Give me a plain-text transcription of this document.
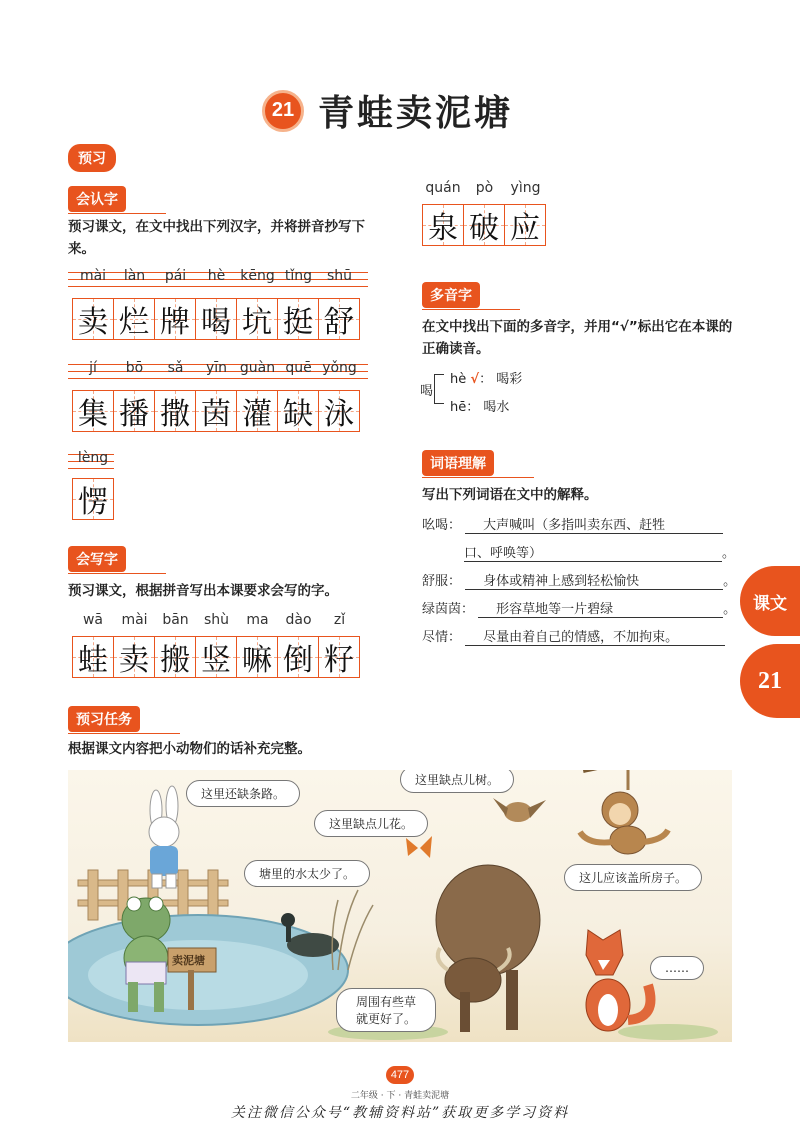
21 青蛙卖泥塘
预习
会认字
预习课文，在文中找出下列汉字，并将拼音抄写下来。
mài	làn	pái	hè	kēng tǐng	shū
卖 烂 牌 喝 坑 挺 舒
jí	bō	sǎ	yīn guàn quē yǒng
集 播 撒 茵 灌 缺 泳
lèng
愣
quán	pò	yìng
泉 破 应
会写字
预习课文，根据拼音写出本课要求会写的字。
wā	mài	bān	shù	ma	dào	zǐ
蛙 卖 搬 竖 嘛 倒 籽
多音字
在文中找出下面的多音字，并用“√”标出它在本课的正确读音。
喝
hè √： 喝彩
hē： 喝水
词语理解
写出下列词语在文中的解释。
吆喝： 大声喊叫（多指叫卖东西、赶牲
口、呼唤等）	。
舒服： 身体或精神上感到轻松愉快	。
绿茵茵： 形容草地等一片碧绿	。
尽情： 尽量由着自己的情感，不加拘束。
课文
21
预习任务
根据课文内容把小动物们的话补充完整。
这里还缺条路。
这里缺点儿树。
这里缺点儿花。
塘里的水太少了。	这儿应该盖所房子。
……
周围有些草就更好了。
卖泥塘
477
二年级 · 下 · 青蛙卖泥塘
关注微信公众号“教辅资料站”获取更多学习资料
